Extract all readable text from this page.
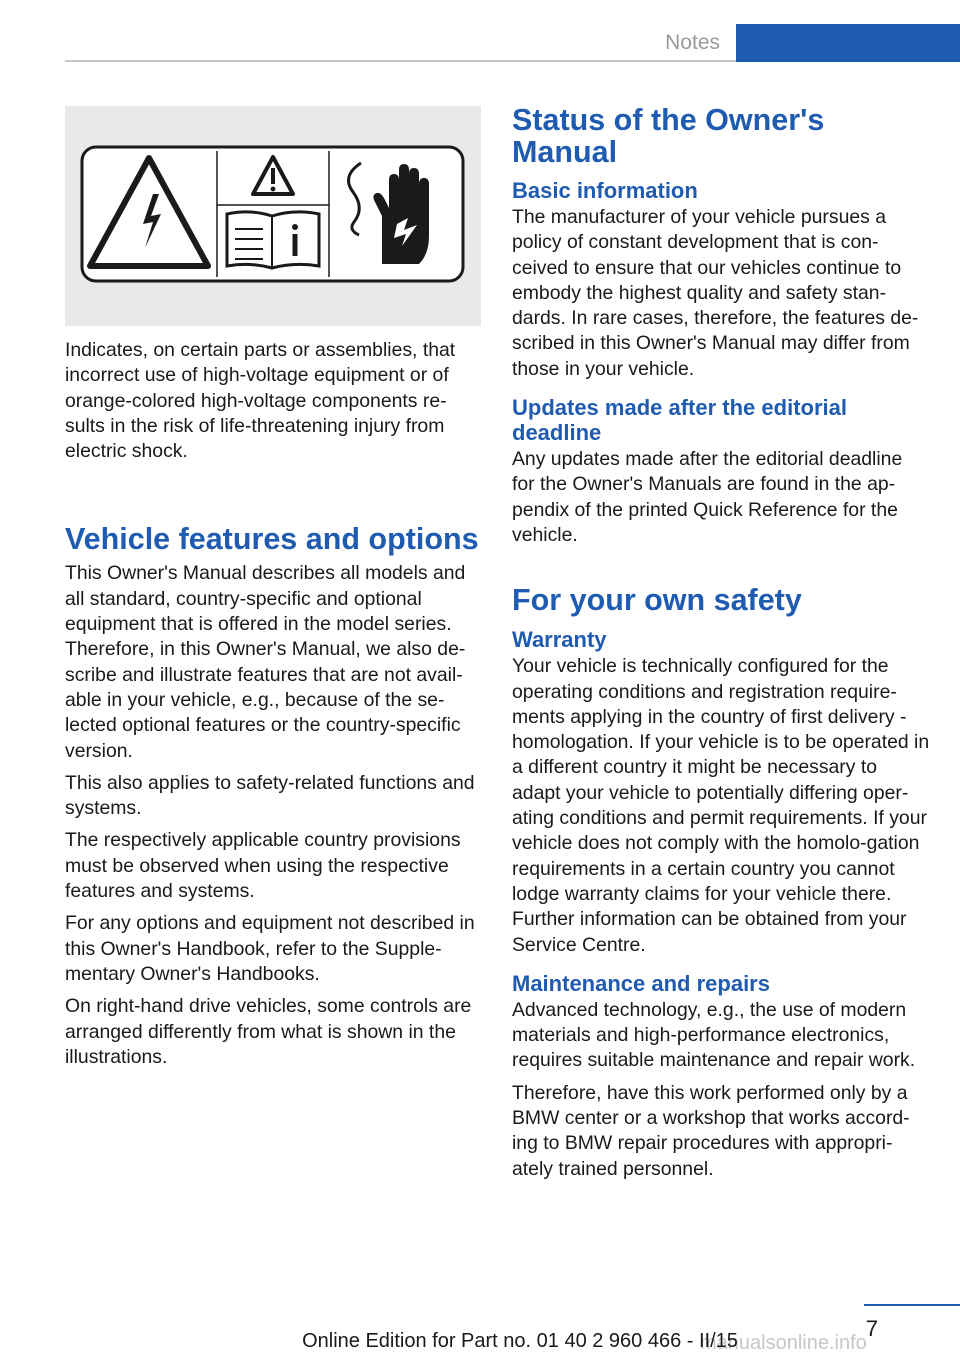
Notes

Indicates, on certain parts or assemblies, that incorrect use of high-voltage equipment or of orange-colored high-voltage components re-sults in the risk of life-threatening injury from electric shock.

Vehicle features and options

This Owner's Manual describes all models and all standard, country-specific and optional equipment that is offered in the model series. Therefore, in this Owner's Manual, we also de-scribe and illustrate features that are not avail-able in your vehicle, e.g., because of the se-lected optional features or the country-specific version.

This also applies to safety-related functions and systems.

The respectively applicable country provisions must be observed when using the respective features and systems.

For any options and equipment not described in this Owner's Handbook, refer to the Supple-mentary Owner's Handbooks.

On right-hand drive vehicles, some controls are arranged differently from what is shown in the illustrations.

Status of the Owner's Manual
Basic information

The manufacturer of your vehicle pursues a policy of constant development that is con-ceived to ensure that our vehicles continue to embody the highest quality and safety stan-dards. In rare cases, therefore, the features de-scribed in this Owner's Manual may differ from those in your vehicle.

Updates made after the editorial deadline

Any updates made after the editorial deadline for the Owner's Manuals are found in the ap-pendix of the printed Quick Reference for the vehicle.

For your own safety
Warranty

Your vehicle is technically configured for the operating conditions and registration require-ments applying in the country of first delivery - homologation. If your vehicle is to be operated in a different country it might be necessary to adapt your vehicle to potentially differing oper-ating conditions and permit requirements. If your vehicle does not comply with the homolo-gation requirements in a certain country you cannot lodge warranty claims for your vehicle there. Further information can be obtained from your Service Centre.

Maintenance and repairs

Advanced technology, e.g., the use of modern materials and high-performance electronics, requires suitable maintenance and repair work.

Therefore, have this work performed only by a BMW center or a workshop that works accord-ing to BMW repair procedures with appropri-ately trained personnel.

7
manualsonline.info
Online Edition for Part no. 01 40 2 960 466 - II/15
